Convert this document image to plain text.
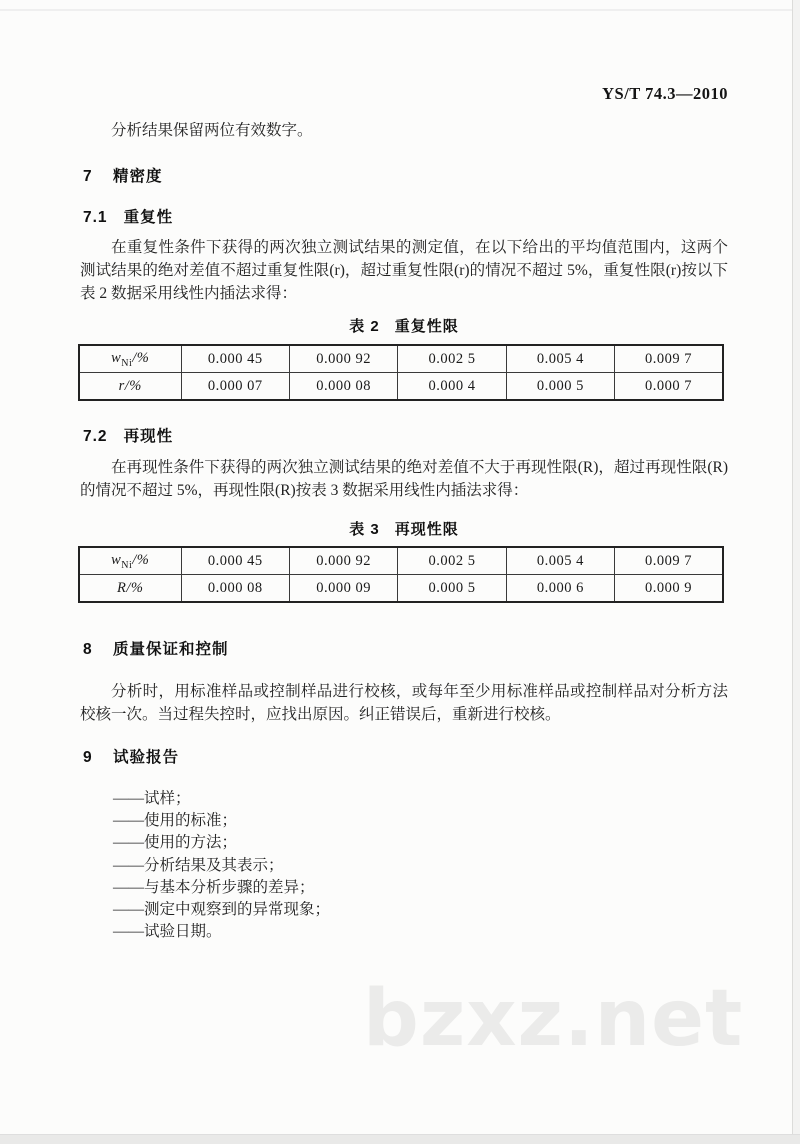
YS/T 74.3—2010
分析结果保留两位有效数字。
7 精密度
7.1 重复性
在重复性条件下获得的两次独立测试结果的测定值，在以下给出的平均值范围内，这两个测试结果的绝对差值不超过重复性限(r)，超过重复性限(r)的情况不超过 5%，重复性限(r)按以下表 2 数据采用线性内插法求得：
表 2 重复性限
$w_{Ni}/\%$	0.000 45	0.000 92	0.002 5	0.005 4	0.009 7
r/%	0.000 07	0.000 08	0.000 4	0.000 5	0.000 7
7.2 再现性
在再现性条件下获得的两次独立测试结果的绝对差值不大于再现性限(R)，超过再现性限(R)的情况不超过 5%，再现性限(R)按表 3 数据采用线性内插法求得：
表 3 再现性限
$w_{Ni}/\%$	0.000 45	0.000 92	0.002 5	0.005 4	0.009 7
R/%	0.000 08	0.000 09	0.000 5	0.000 6	0.000 9
8 质量保证和控制
分析时，用标准样品或控制样品进行校核，或每年至少用标准样品或控制样品对分析方法校核一次。当过程失控时，应找出原因。纠正错误后，重新进行校核。
9 试验报告
——试样；
——使用的标准；
——使用的方法；
——分析结果及其表示；
——与基本分析步骤的差异；
——测定中观察到的异常现象；
——试验日期。
bzxz.net
